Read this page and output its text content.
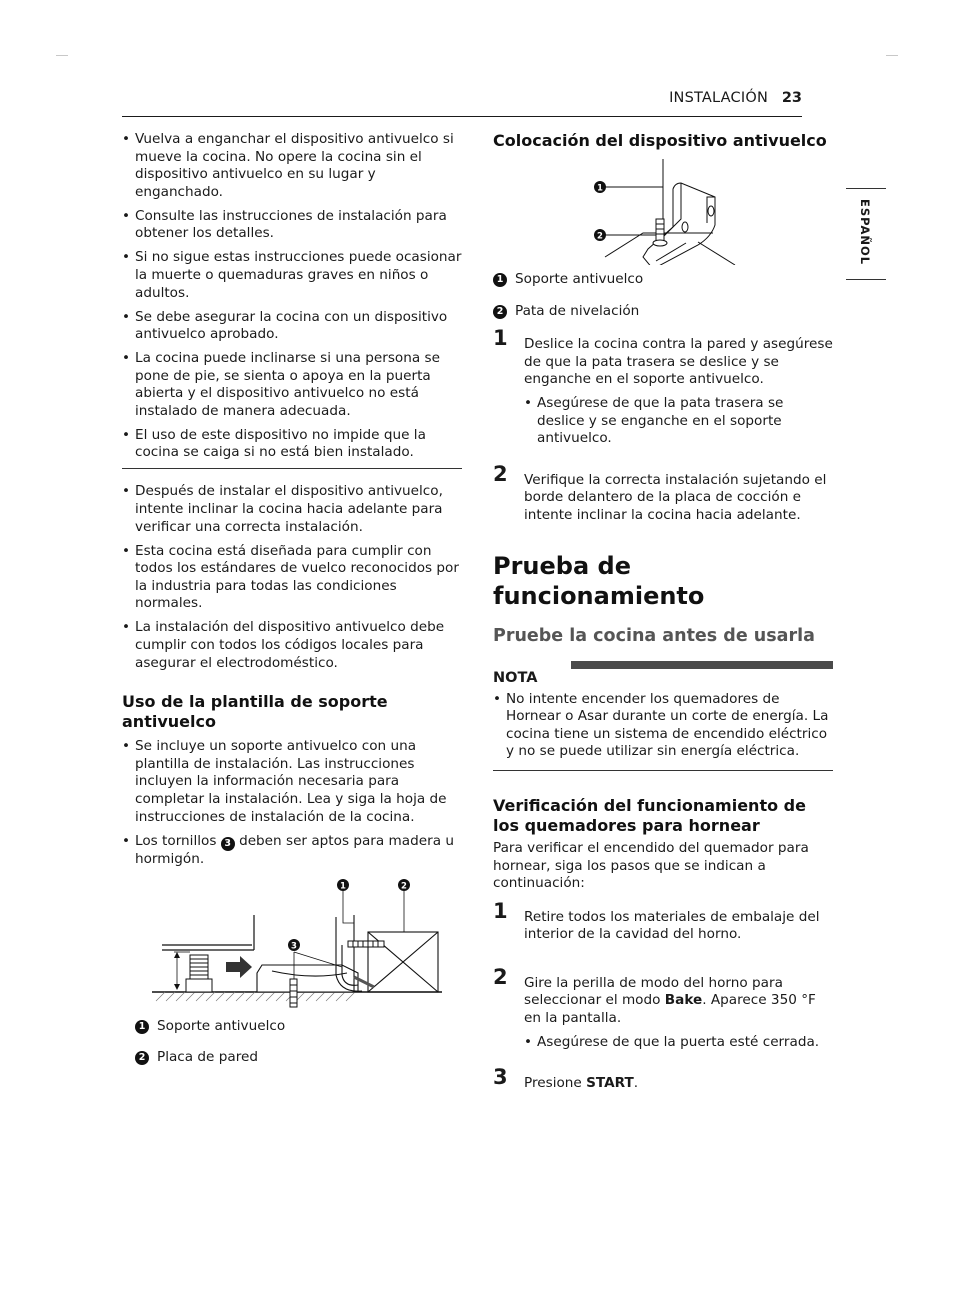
INSTALACIÓN 23
ESPAÑOL
• Vuelva a enganchar el dispositivo antivuelco si mueve la cocina. No opere la cocina sin el dispositivo antivuelco en su lugar y enganchado.
• Consulte las instrucciones de instalación para obtener los detalles.
• Si no sigue estas instrucciones puede ocasionar la muerte o quemaduras graves en niños o adultos.
• Se debe asegurar la cocina con un dispositivo antivuelco aprobado.
• La cocina puede inclinarse si una persona se pone de pie, se sienta o apoya en la puerta abierta y el dispositivo antivuelco no está instalado de manera adecuada.
• El uso de este dispositivo no impide que la cocina se caiga si no está bien instalado.
• Después de instalar el dispositivo antivuelco, intente inclinar la cocina hacia adelante para verificar una correcta instalación.
• Esta cocina está diseñada para cumplir con todos los estándares de vuelco reconocidos por la industria para todas las condiciones normales.
• La instalación del dispositivo antivuelco debe cumplir con todos los códigos locales para asegurar el electrodoméstico.
Uso de la plantilla de soporte antivuelco
• Se incluye un soporte antivuelco con una plantilla de instalación. Las instrucciones incluyen la información necesaria para completar la instalación. Lea y siga la hoja de instrucciones de instalación de la cocina.
• Los tornillos 3 deben ser aptos para madera u hormigón.
1	2
3
1 Soporte antivuelco
2 Placa de pared
Colocación del dispositivo antivuelco
1
2
1 Soporte antivuelco
2 Pata de nivelación
1 Deslice la cocina contra la pared y asegúrese de que la pata trasera se deslice y se enganche en el soporte antivuelco.
• Asegúrese de que la pata trasera se deslice y se enganche en el soporte antivuelco.
2 Verifique la correcta instalación sujetando el borde delantero de la placa de cocción e intente inclinar la cocina hacia adelante.
Prueba de funcionamiento
Pruebe la cocina antes de usarla
NOTA
• No intente encender los quemadores de Hornear o Asar durante un corte de energía. La cocina tiene un sistema de encendido eléctrico y no se puede utilizar sin energía eléctrica.
Verificación del funcionamiento de los quemadores para hornear
Para verificar el encendido del quemador para hornear, siga los pasos que se indican a continuación:
1 Retire todos los materiales de embalaje del interior de la cavidad del horno.
2 Gire la perilla de modo del horno para seleccionar el modo Bake. Aparece 350 °F en la pantalla.
• Asegúrese de que la puerta esté cerrada.
3 Presione START.
